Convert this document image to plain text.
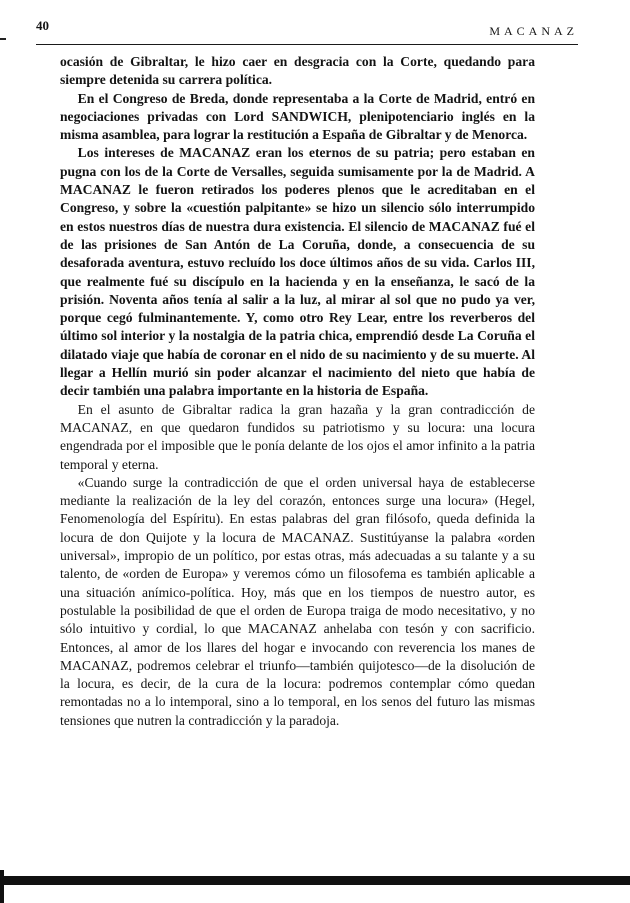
40	MACANAZ

ocasión de Gibraltar, le hizo caer en desgracia con la Corte, quedando para siempre detenida su carrera política.

En el Congreso de Breda, donde representaba a la Corte de Madrid, entró en negociaciones privadas con Lord SANDWICH, plenipotenciario inglés en la misma asamblea, para lograr la restitución a España de Gibraltar y de Menorca.

Los intereses de MACANAZ eran los eternos de su patria; pero estaban en pugna con los de la Corte de Versalles, seguida sumisamente por la de Madrid. A MACANAZ le fueron retirados los poderes plenos que le acreditaban en el Congreso, y sobre la «cuestión palpitante» se hizo un silencio sólo interrumpido en estos nuestros días de nuestra dura existencia. El silencio de MACANAZ fué el de las prisiones de San Antón de La Coruña, donde, a consecuencia de su desaforada aventura, estuvo recluído los doce últimos años de su vida. Carlos III, que realmente fué su discípulo en la hacienda y en la enseñanza, le sacó de la prisión. Noventa años tenía al salir a la luz, al mirar al sol que no pudo ya ver, porque cegó fulminantemente. Y, como otro Rey Lear, entre los reverberos del último sol interior y la nostalgia de la patria chica, emprendió desde La Coruña el dilatado viaje que había de coronar en el nido de su nacimiento y de su muerte. Al llegar a Hellín murió sin poder alcanzar el nacimiento del nieto que había de decir también una palabra importante en la historia de España.

En el asunto de Gibraltar radica la gran hazaña y la gran contradicción de MACANAZ, en que quedaron fundidos su patriotismo y su locura: una locura engendrada por el imposible que le ponía delante de los ojos el amor infinito a la patria temporal y eterna.

«Cuando surge la contradicción de que el orden universal haya de establecerse mediante la realización de la ley del corazón, entonces surge una locura» (Hegel, Fenomenología del Espíritu). En estas palabras del gran filósofo, queda definida la locura de don Quijote y la locura de MACANAZ. Sustitúyanse la palabra «orden universal», impropio de un político, por estas otras, más adecuadas a su talante y a su talento, de «orden de Europa» y veremos cómo un filosofema es también aplicable a una situación anímico-política. Hoy, más que en los tiempos de nuestro autor, es postulable la posibilidad de que el orden de Europa traiga de modo necesitativo, y no sólo intuitivo y cordial, lo que MACANAZ anhelaba con tesón y con sacrificio. Entonces, al amor de los llares del hogar e invocando con reverencia los manes de MACANAZ, podremos celebrar el triunfo—también quijotesco—de la disolución de la locura, es decir, de la cura de la locura: podremos contemplar cómo quedan remontadas no a lo intemporal, sino a lo temporal, en los senos del futuro las mismas tensiones que nutren la contradicción y la paradoja.
